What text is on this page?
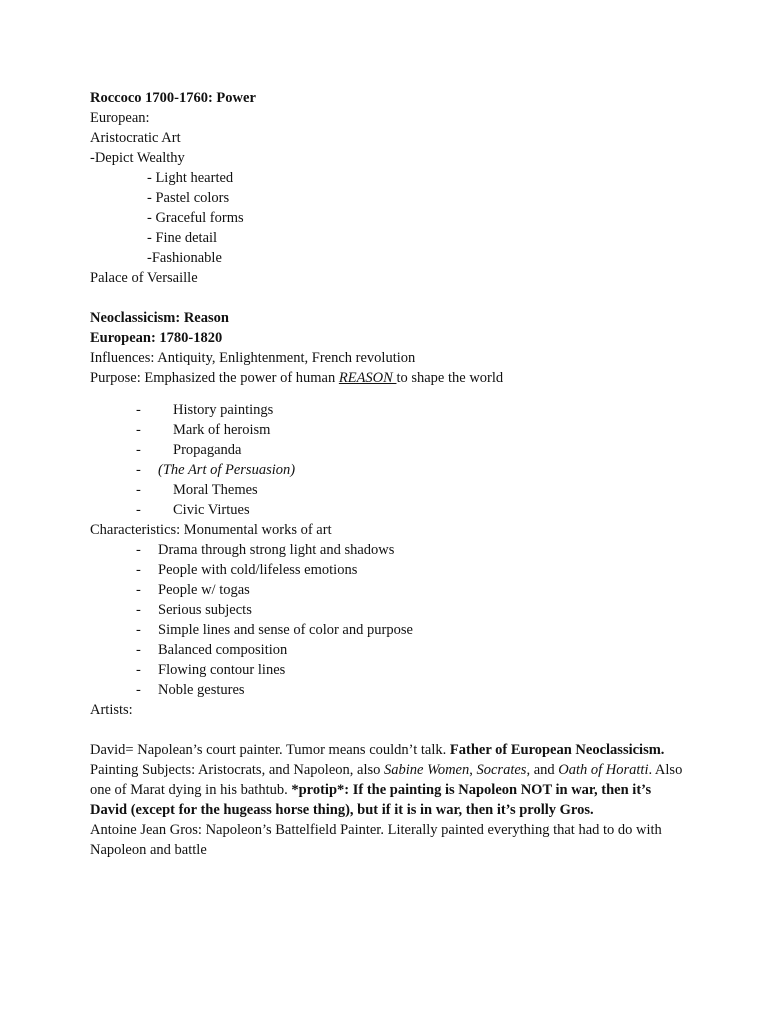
Roccoco 1700-1760: Power
European:
Aristocratic Art
-Depict Wealthy
- Light hearted
- Pastel colors
- Graceful forms
- Fine detail
-Fashionable
Palace of Versaille
Neoclassicism: Reason
European: 1780-1820
Influences: Antiquity, Enlightenment, French revolution
Purpose: Emphasized the power of human REASON to shape the world
- History paintings
- Mark of heroism
- Propaganda
- (The Art of Persuasion)
- Moral Themes
- Civic Virtues
Characteristics: Monumental works of art
- Drama through strong light and shadows
- People with cold/lifeless emotions
- People w/ togas
- Serious subjects
- Simple lines and sense of color and purpose
- Balanced composition
- Flowing contour lines
- Noble gestures
Artists:
David= Napolean’s court painter. Tumor means couldn’t talk. Father of European Neoclassicism. Painting Subjects: Aristocrats, and Napoleon, also Sabine Women, Socrates, and Oath of Horatti. Also one of Marat dying in his bathtub. *protip*: If the painting is Napoleon NOT in war, then it’s David (except for the hugeass horse thing), but if it is in war, then it’s prolly Gros.
Antoine Jean Gros: Napoleon’s Battelfield Painter. Literally painted everything that had to do with Napoleon and battle
